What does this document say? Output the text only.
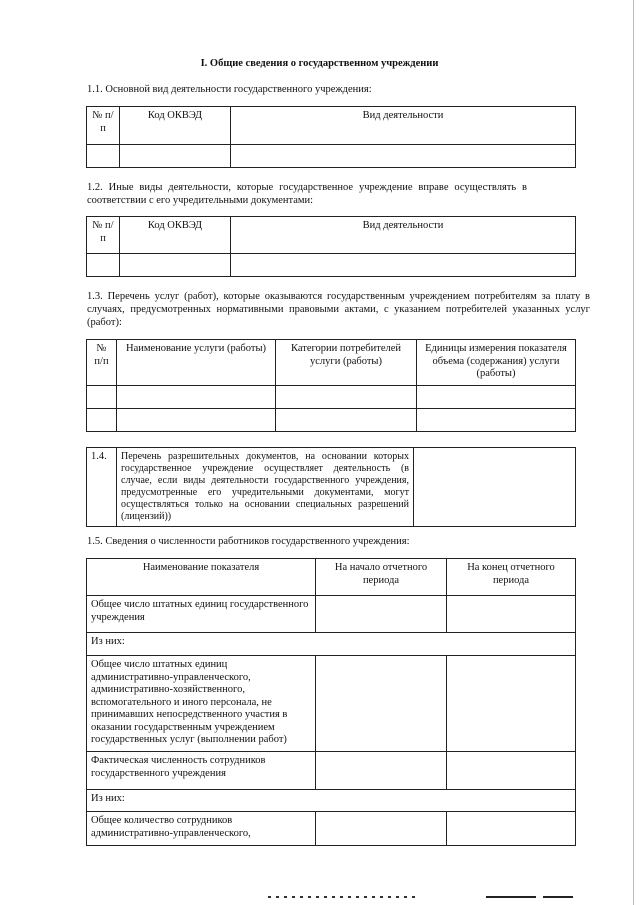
I. Общие сведения о государственном учреждении
1.1. Основной вид деятельности государственного учреждения:
№ п/п	Код ОКВЭД	Вид деятельности

1.2. Иные виды деятельности, которые государственное учреждение вправе осуществлять в соответствии с его учредительными документами:
№ п/п	Код ОКВЭД	Вид деятельности

1.3. Перечень услуг (работ), которые оказываются государственным учреждением потребителям за плату в случаях, предусмотренных нормативными правовыми актами, с указанием потребителей указанных услуг (работ):
№ п/п	Наименование услуги (работы)	Категории потребителей услуги (работы)	Единицы измерения показателя объема (содержания) услуги (работы)

1.4.	Перечень разрешительных документов, на основании которых государственное учреждение осуществляет деятельность (в случае, если виды деятельности государственного учреждения, предусмотренные его учредительными документами, могут осуществляться только на основании специальных разрешений (лицензий))	
1.5. Сведения о численности работников государственного учреждения:
Наименование показателя	На начало отчетного периода	На конец отчетного периода
Общее число штатных единиц государственного учреждения		
Из них:		
Общее число штатных единиц административно-управленческого, административно-хозяйственного, вспомогательного и иного персонала, не принимавших непосредственного участия в оказании государственным учреждением государственных услуг (выполнении работ)		
Фактическая численность сотрудников государственного учреждения		
Из них:		
Общее количество сотрудников административно-управленческого,		
